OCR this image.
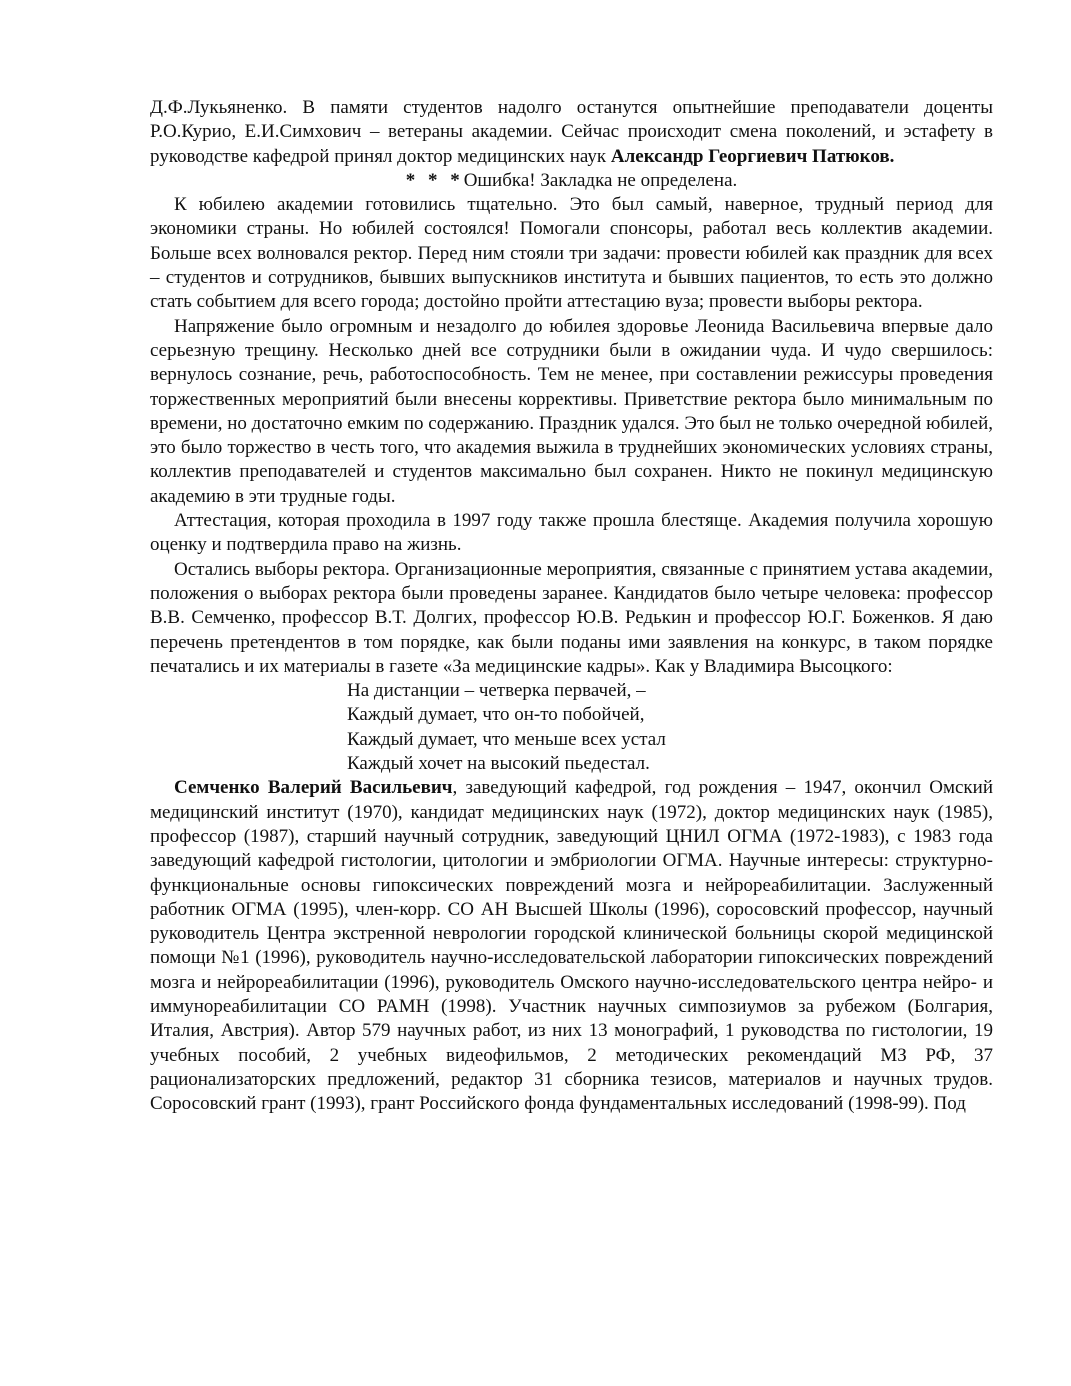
Д.Ф.Лукьяненко. В памяти студентов надолго останутся опытнейшие преподаватели доценты Р.О.Курио, Е.И.Симхович – ветераны академии. Сейчас происходит смена поколений, и эстафету в руководстве кафедрой принял доктор медицинских наук Александр Георгиевич Патюков.

* * *Ошибка! Закладка не определена.

К юбилею академии готовились тщательно. Это был самый, наверное, трудный период для экономики страны. Но юбилей состоялся! Помогали спонсоры, работал весь коллектив академии. Больше всех волновался ректор. Перед ним стояли три задачи: провести юбилей как праздник для всех – студентов и сотрудников, бывших выпускников института и бывших пациентов, то есть это должно стать событием для всего города; достойно пройти аттестацию вуза; провести выборы ректора.

Напряжение было огромным и незадолго до юбилея здоровье Леонида Васильевича впервые дало серьезную трещину. Несколько дней все сотрудники были в ожидании чуда. И чудо свершилось: вернулось сознание, речь, работоспособность. Тем не менее, при составлении режиссуры проведения торжественных мероприятий были внесены коррективы. Приветствие ректора было минимальным по времени, но достаточно емким по содержанию. Праздник удался. Это был не только очередной юбилей, это было торжество в честь того, что академия выжила в труднейших экономических условиях страны, коллектив преподавателей и студентов максимально был сохранен. Никто не покинул медицинскую академию в эти трудные годы.

Аттестация, которая проходила в 1997 году также прошла блестяще. Академия получила хорошую оценку и подтвердила право на жизнь.

Остались выборы ректора. Организационные мероприятия, связанные с принятием устава академии, положения о выборах ректора были проведены заранее. Кандидатов было четыре человека: профессор В.В. Семченко, профессор В.Т. Долгих, профессор Ю.В. Редькин и профессор Ю.Г. Боженков. Я даю перечень претендентов в том порядке, как были поданы ими заявления на конкурс, в таком порядке печатались и их материалы в газете «За медицинские кадры». Как у Владимира Высоцкого:

На дистанции – четверка первачей, –
Каждый думает, что он-то побойчей,
Каждый думает, что меньше всех устал
Каждый хочет на высокий пьедестал.

Семченко Валерий Васильевич, заведующий кафедрой, год рождения – 1947, окончил Омский медицинский институт (1970), кандидат медицинских наук (1972), доктор медицинских наук (1985), профессор (1987), старший научный сотрудник, заведующий ЦНИЛ ОГМА (1972-1983), с 1983 года заведующий кафедрой гистологии, цитологии и эмбриологии ОГМА. Научные интересы: структурно-функциональные основы гипоксических повреждений мозга и нейрореабилитации. Заслуженный работник ОГМА (1995), член-корр. СО АН Высшей Школы (1996), соросовский профессор, научный руководитель Центра экстренной неврологии городской клинической больницы скорой медицинской помощи №1 (1996), руководитель научно-исследовательской лаборатории гипоксических повреждений мозга и нейрореабилитации (1996), руководитель Омского научно-исследовательского центра нейро- и иммунореабилитации СО РАМН (1998). Участник научных симпозиумов за рубежом (Болгария, Италия, Австрия). Автор 579 научных работ, из них 13 монографий, 1 руководства по гистологии, 19 учебных пособий, 2 учебных видеофильмов, 2 методических рекомендаций МЗ РФ, 37 рационализаторских предложений, редактор 31 сборника тезисов, материалов и научных трудов. Соросовский грант (1993), грант Российского фонда фундаментальных исследований (1998-99). Под
